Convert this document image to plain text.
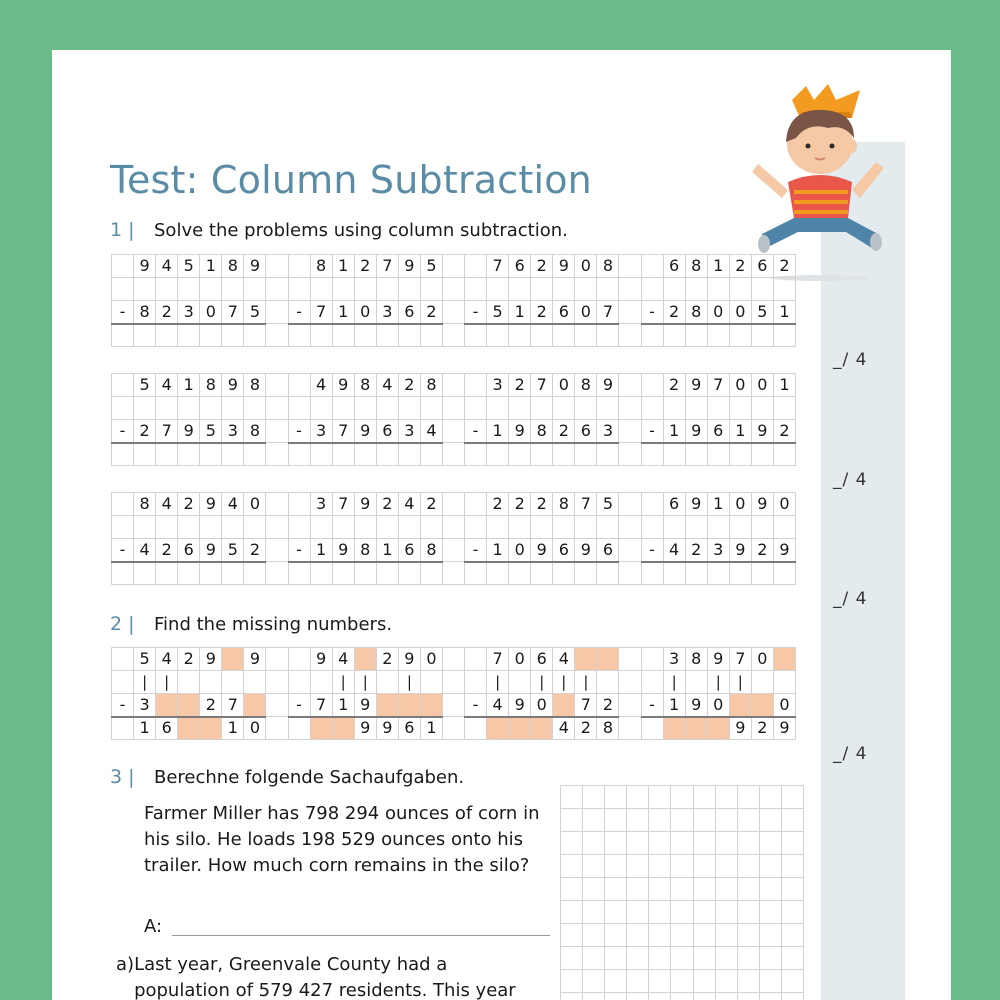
Test: Column Subtraction
1 |	Solve the problems using column subtraction.
	9	4	5	1	8	9			8	1	2	7	9	5			7	6	2	9	0	8			6	8	1	2	6	2

-	8	2	3	0	7	5		-	7	1	0	3	6	2		-	5	1	2	6	0	7		-	2	8	0	0	5	1

	5	4	1	8	9	8			4	9	8	4	2	8			3	2	7	0	8	9			2	9	7	0	0	1

-	2	7	9	5	3	8		-	3	7	9	6	3	4		-	1	9	8	2	6	3		-	1	9	6	1	9	2

	8	4	2	9	4	0			3	7	9	2	4	2			2	2	2	8	7	5			6	9	1	0	9	0

-	4	2	6	9	5	2		-	1	9	8	1	6	8		-	1	0	9	6	9	6		-	4	2	3	9	2	9

2 |	Find the missing numbers.
	5	4	2	9		9			9	4		2	9	0			7	0	6	4					3	8	9	7	0	
	|	|								|	|		|				|		|	|	|				|		|	|		
-	3			2	7			-	7	1	9					-	4	9	0		7	2		-	1	9	0			0
	1	6			1	0					9	9	6	1						4	2	8						9	2	9
3 |	Berechne folgende Sachaufgaben.
Farmer Miller has 798 294 ounces of corn in his silo. He loads 198 529 ounces onto his trailer. How much corn remains in the silo?
A:
a) Last year, Greenvale County had a population of 579 427 residents. This year

_/ 4
_/ 4
_/ 4
_/ 4
